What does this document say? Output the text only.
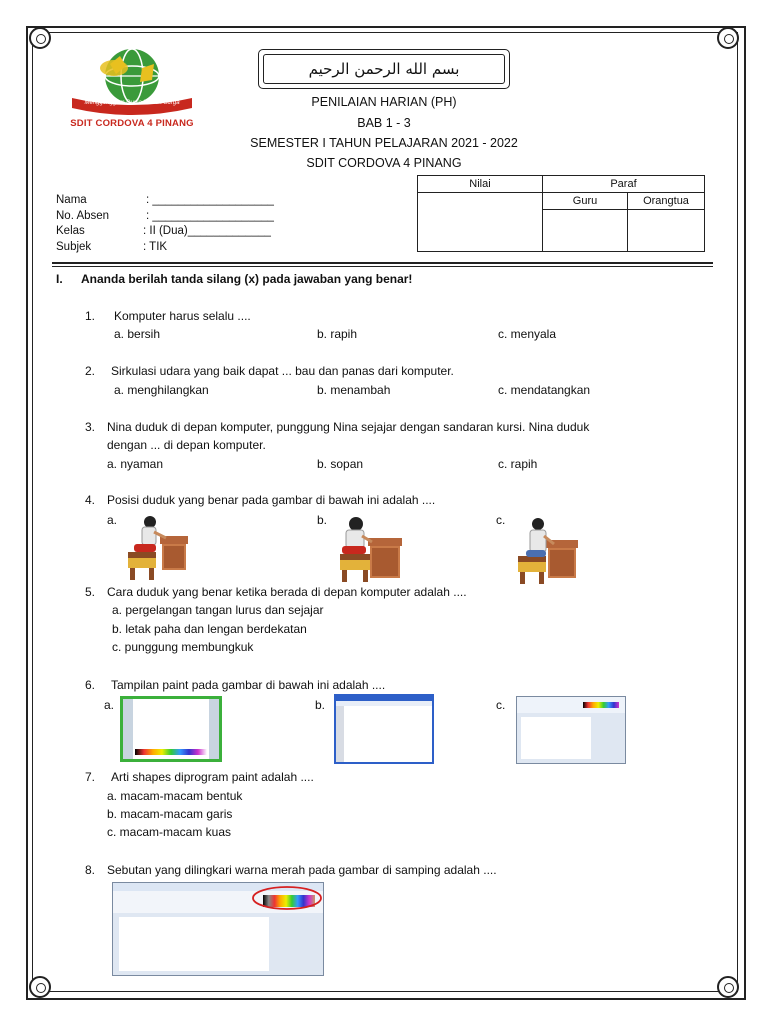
Menggenggam Dunia Meraih Surga
SDIT CORDOVA 4 PINANG
بسم الله الرحمن الرحيم
PENILAIAN HARIAN (PH)
BAB 1 - 3
SEMESTER I TAHUN PELAJARAN 2021 - 2022
SDIT CORDOVA 4 PINANG
Nama	: ___________________
No. Absen	: ___________________
Kelas	: II (Dua)_____________
Subjek	: TIK
Nilai	Paraf	
	Guru	Orangtua

I. Ananda berilah tanda silang (x) pada jawaban yang benar!
1. Komputer harus selalu ....
a. bersih	b. rapih	c. menyala
2. Sirkulasi udara yang baik dapat ... bau dan panas dari komputer.
a. menghilangkan	b. menambah	c. mendatangkan
3. Nina duduk di depan komputer, punggung Nina sejajar dengan sandaran kursi. Nina duduk
dengan ... di depan komputer.
a. nyaman	b. sopan	c. rapih
4. Posisi duduk yang benar pada gambar di bawah ini adalah ....
a.	b.	c.
5. Cara duduk yang benar ketika berada di depan komputer adalah ....
a. pergelangan tangan lurus dan sejajar
b. letak paha dan lengan berdekatan
c. punggung membungkuk
6. Tampilan paint pada gambar di bawah ini adalah ....
a.	b.	c.
7. Arti shapes diprogram paint adalah ....
a. macam-macam bentuk
b. macam-macam garis
c. macam-macam kuas
8. Sebutan yang dilingkari warna merah pada gambar di samping adalah ....
